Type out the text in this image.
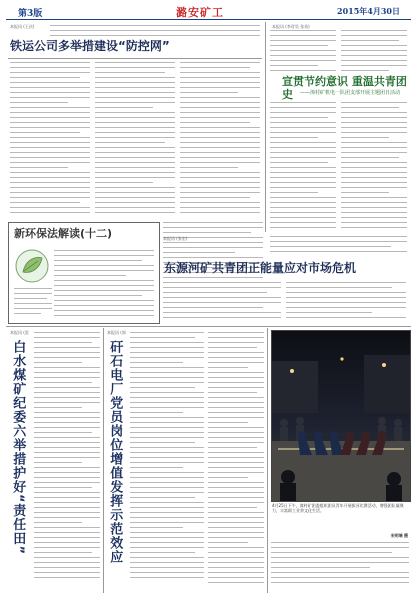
第3版	潞安矿工	2015年4月30日
本报讯 (王庆)
铁运公司多举措建设“防控网”
本报讯 (李晋昊 张英)
宣贯节约意识 重温共青团史	——漳村矿机电一队团支部开展主题团日活动
新环保法解读(十二)	本报讯 (张宏)
东源河矿共青团正能量应对市场危机
本报讯 (雷
白水煤矿纪委六举措护好“责任田”
本报讯 (郭
矸石电厂党员岗位增值发挥示范效应	4月25日下午，漳村矿团委组织团员青年开展拔河比赛活动，增强团队凝聚力，丰富职工业余文化生活。
宋明瑞 摄
